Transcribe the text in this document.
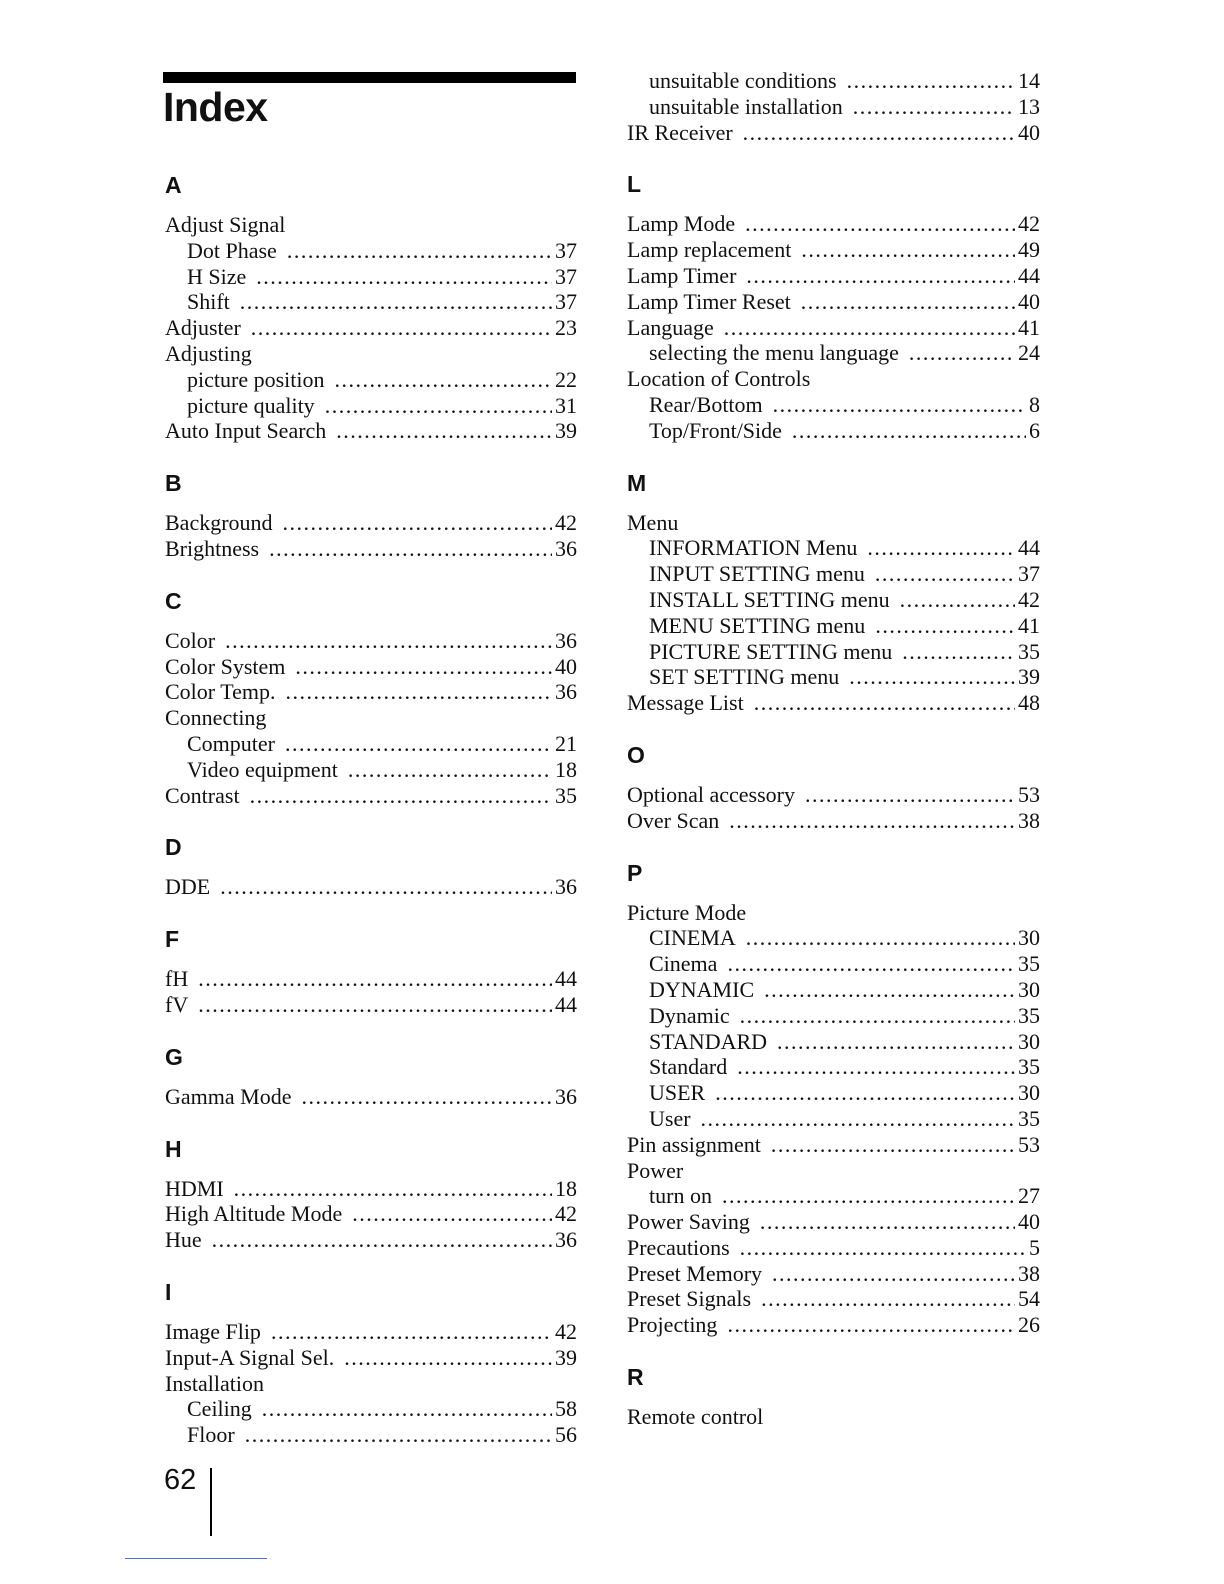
Index
A
Adjust Signal
Dot Phase .....	37
H Size .....	37
Shift .....	37
Adjuster .....	23
Adjusting
picture position .....	22
picture quality .....	31
Auto Input Search .....	39
B
Background .....	42
Brightness .....	36
C
Color .....	36
Color System .....	40
Color Temp. .....	36
Connecting
Computer .....	21
Video equipment .....	18
Contrast .....	35
D
DDE .....	36
F
fH .....	44
fV .....	44
G
Gamma Mode .....	36
H
HDMI .....	18
High Altitude Mode .....	42
Hue .....	36
I
Image Flip .....	42
Input-A Signal Sel. .....	39
Installation
Ceiling .....	58
Floor .....	56
unsuitable conditions .....	14
unsuitable installation .....	13
IR Receiver .....	40
L
Lamp Mode .....	42
Lamp replacement .....	49
Lamp Timer .....	44
Lamp Timer Reset .....	40
Language .....	41
selecting the menu language .....	24
Location of Controls
Rear/Bottom .....	8
Top/Front/Side .....	6
M
Menu
INFORMATION Menu .....	44
INPUT SETTING menu .....	37
INSTALL SETTING menu .....	42
MENU SETTING menu .....	41
PICTURE SETTING menu .....	35
SET SETTING menu .....	39
Message List .....	48
O
Optional accessory .....	53
Over Scan .....	38
P
Picture Mode
CINEMA .....	30
Cinema .....	35
DYNAMIC .....	30
Dynamic .....	35
STANDARD .....	30
Standard .....	35
USER .....	30
User .....	35
Pin assignment .....	53
Power
turn on .....	27
Power Saving .....	40
Precautions .....	5
Preset Memory .....	38
Preset Signals .....	54
Projecting .....	26
R
Remote control
62
